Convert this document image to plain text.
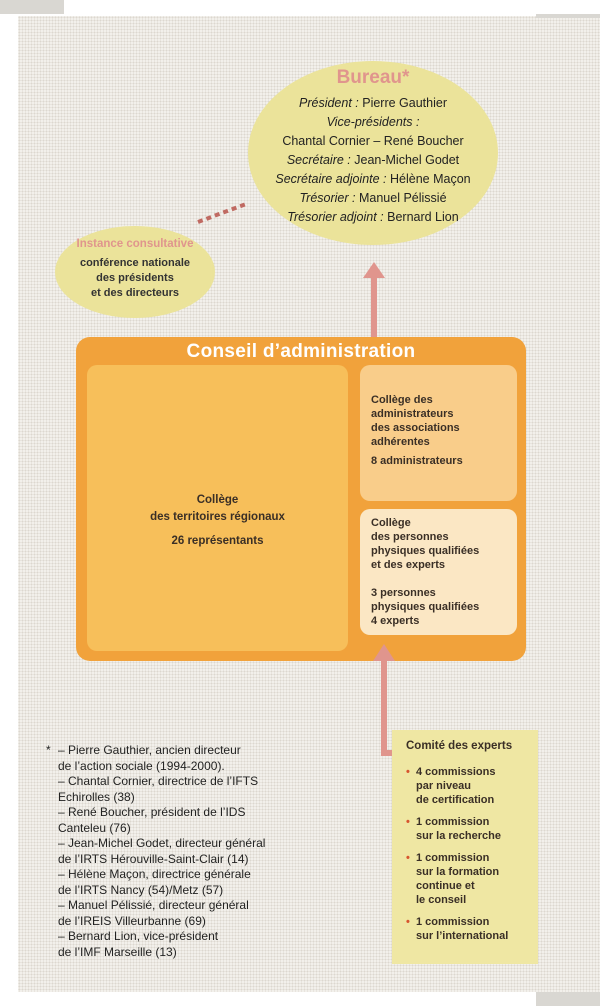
Bureau*
Président : Pierre Gauthier
Vice-présidents :
Chantal Cornier – René Boucher
Secrétaire : Jean-Michel Godet
Secrétaire adjointe : Hélène Maçon
Trésorier : Manuel Pélissié
Trésorier adjoint : Bernard Lion
Instance consultative
conférence nationale
des présidents
et des directeurs
Conseil d’administration
Collège
des territoires régionaux
26 représentants
Collège des
administrateurs
des associations
adhérentes
8 administrateurs
Collège
des personnes
physiques qualifiées
et des experts
3 personnes
physiques qualifiées
4 experts
Comité des experts
• 4 commissions
par niveau
de certification
• 1 commission
sur la recherche
• 1 commission
sur la formation
continue et
le conseil
• 1 commission
sur l’international
* – Pierre Gauthier, ancien directeur
de l’action sociale (1994-2000).
– Chantal Cornier, directrice de l’IFTS
Echirolles (38)
– René Boucher, président de l’IDS
Canteleu (76)
– Jean-Michel Godet, directeur général
de l’IRTS Hérouville-Saint-Clair (14)
– Hélène Maçon, directrice générale
de l’IRTS Nancy (54)/Metz (57)
– Manuel Pélissié, directeur général
de l’IREIS Villeurbanne (69)
– Bernard Lion, vice-président
de l’IMF Marseille (13)
